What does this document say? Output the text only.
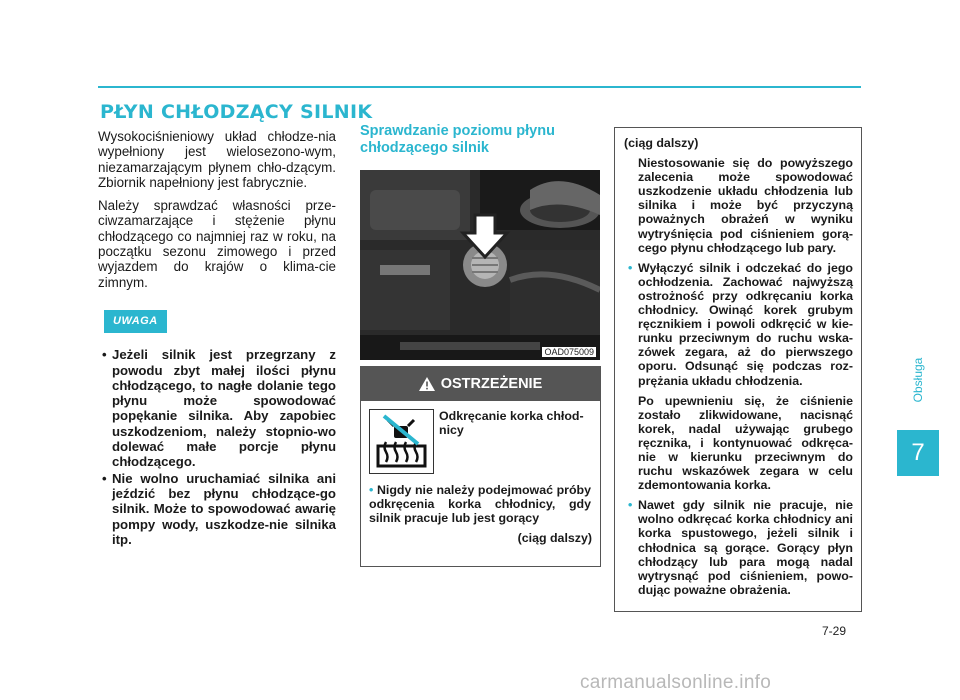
PŁYN CHŁODZĄCY SILNIK

Wysokociśnieniowy układ chłodze-nia wypełniony jest wielosezono-wym, niezamarzającym płynem chło-dzącym. Zbiornik napełniony jest fabrycznie.

Należy sprawdzać własności prze-ciwzamarzające i stężenie płynu chłodzącego co najmniej raz w roku, na początku sezonu zimowego i przed wyjazdem do krajów o klima-cie zimnym.

UWAGA
• Jeżeli silnik jest przegrzany z powodu zbyt małej ilości płynu chłodzącego, to nagłe dolanie tego płynu może spowodować popękanie silnika. Aby zapobiec uszkodzeniom, należy stopnio-wo dolewać małe porcje płynu chłodzącego.
• Nie wolno uruchamiać silnika ani jeździć bez płynu chłodzące-go silnik. Może to spowodować awarię pompy wody, uszkodze-nie silnika itp.
Sprawdzanie poziomu płynu chłodzącego silnik
OAD075009
OSTRZEŻENIE
Odkręcanie korka chłod-nicy
• Nigdy nie należy podejmować próby odkręcenia korka chłodnicy, gdy silnik pracuje lub jest gorący
(ciąg dalszy)

(ciąg dalszy)

Niestosowanie się do powyższego zalecenia może spowodować uszkodzenie układu chłodzenia lub silnika i może być przyczyną poważnych obrażeń w wyniku wytryśnięcia pod ciśnieniem gorą-cego płynu chłodzącego lub pary.

• Wyłączyć silnik i odczekać do jego ochłodzenia. Zachować najwyższą ostrożność przy odkręcaniu korka chłodnicy. Owinąć korek grubym ręcznikiem i powoli odkręcić w kie-runku przeciwnym do ruchu wska-zówek zegara, aż do pierwszego oporu. Odsunąć się podczas roz-prężania układu chłodzenia.

Po upewnieniu się, że ciśnienie zostało zlikwidowane, nacisnąć korek, nadal używając grubego ręcznika, i kontynuować odkręca-nie w kierunku przeciwnym do ruchu wskazówek zegara w celu zdemontowania korka.

• Nawet gdy silnik nie pracuje, nie wolno odkręcać korka chłodnicy ani korka spustowego, jeżeli silnik i chłodnica są gorące. Gorący płyn chłodzący lub para mogą nadal wytrysnąć pod ciśnieniem, powo-dując poważne obrażenia.

Obsługa
7
7-29
carmanualsonline.info
